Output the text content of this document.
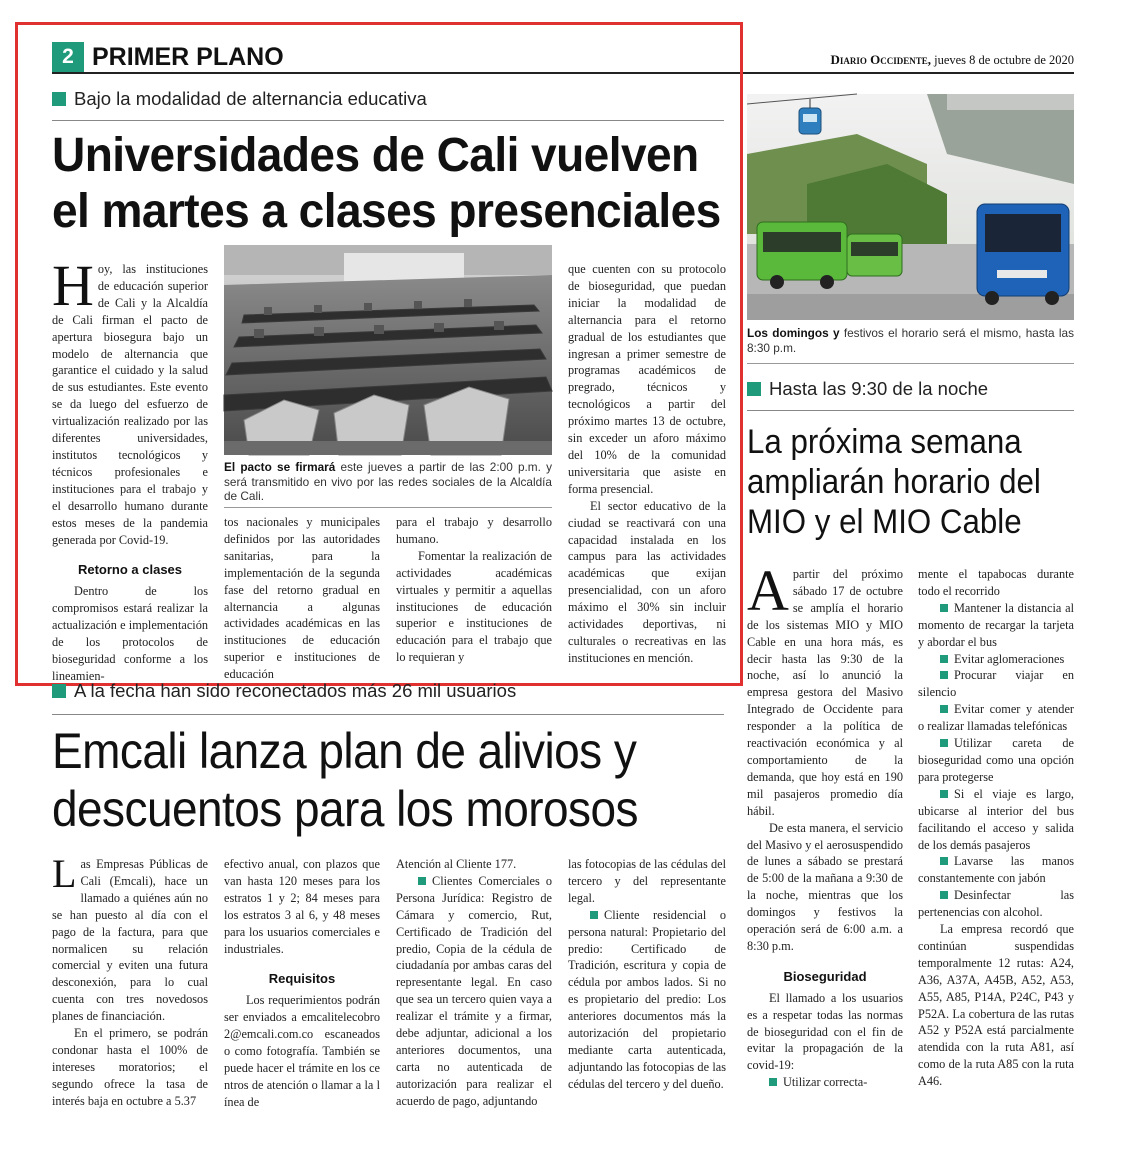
2 PRIMER PLANO	Diario Occidente, jueves 8 de octubre de 2020
Bajo la modalidad de alternancia educativa
Universidades de Cali vuelven
el martes a clases presenciales
El pacto se firmará este jueves a partir de las 2:00 p.m. y será transmitido en vivo por las redes sociales de la Alcaldía de Cali.
H oy, las instituciones de educación superior de Cali y la Alcaldía de Cali firman el pacto de apertura biosegura bajo un modelo de alternancia que garantice el cuidado y la salud de sus estudiantes. Este evento se da luego del esfuerzo de virtualización realizado por las diferentes universidades, institutos tecnológicos y técnicos profesionales e instituciones para el trabajo y el desarrollo humano durante estos meses de la pandemia generada por Covid-19.
Retorno a clases
Dentro de los compromisos estará realizar la actualización e implementación de los protocolos de bioseguridad conforme a los lineamien-
tos nacionales y municipales definidos por las autoridades sanitarias, para la implementación de la segunda fase del retorno gradual en alternancia a algunas actividades académicas en las instituciones de educación superior e instituciones de educación
para el trabajo y desarrollo humano.
Fomentar la realización de actividades académicas virtuales y permitir a aquellas instituciones de educación superior e instituciones de educación para el trabajo que lo requieran y
que cuenten con su protocolo de bioseguridad, que puedan iniciar la modalidad de alternancia para el retorno gradual de los estudiantes que ingresan a primer semestre de programas académicos de pregrado, técnicos y tecnológicos a partir del próximo martes 13 de octubre, sin exceder un aforo máximo del 10% de la comunidad universitaria que asiste en forma presencial.
El sector educativo de la ciudad se reactivará con una capacidad instalada en los campus para las actividades académicas que exijan presencialidad, con un aforo máximo el 30% sin incluir actividades deportivas, ni culturales o recreativas en las instituciones en mención.
A la fecha han sido reconectados más 26 mil usuarios
Emcali lanza plan de alivios y
descuentos para los morosos
L as Empresas Públicas de Cali (Emcali), hace un llamado a quiénes aún no se han puesto al día con el pago de la factura, para que normalicen su relación comercial y eviten una futura desconexión, para lo cual cuenta con tres novedosos planes de financiación.
En el primero, se podrán condonar hasta el 100% de intereses moratorios; el segundo ofrece la tasa de interés baja en octubre a 5.37
efectivo anual, con plazos que van hasta 120 meses para los estratos 1 y 2; 84 meses para los estratos 3 al 6, y 48 meses para los usuarios comerciales e industriales.
Requisitos
Los requerimientos podrán ser enviados a emcalitelecobro2@emcali.com.co escaneados o como fotografía. También se puede hacer el trámite en los centros de atención o llamar a la línea de
Atención al Cliente 177.
Clientes Comerciales o Persona Jurídica: Registro de Cámara y comercio, Rut, Certificado de Tradición del predio, Copia de la cédula de ciudadanía por ambas caras del representante legal. En caso que sea un tercero quien vaya a realizar el trámite y a firmar, debe adjuntar, adicional a los anteriores documentos, una carta no autenticada de autorización para realizar el acuerdo de pago, adjuntando
las fotocopias de las cédulas del tercero y del representante legal.
Cliente residencial o persona natural: Propietario del predio: Certificado de Tradición, escritura y copia de cédula por ambos lados. Si no es propietario del predio: Los anteriores documentos más la autorización del propietario mediante carta autenticada, adjuntando las fotocopias de las cédulas del tercero y del dueño.
Los domingos y festivos el horario será el mismo, hasta las 8:30 p.m.
Hasta las 9:30 de la noche
La próxima semana
ampliarán horario del
MIO y el MIO Cable
A partir del próximo sábado 17 de octubre se amplía el horario de los sistemas MIO y MIO Cable en una hora más, es decir hasta las 9:30 de la noche, así lo anunció la empresa gestora del Masivo Integrado de Occidente para responder a la política de reactivación económica y al comportamiento de la demanda, que hoy está en 190 mil pasajeros promedio día hábil.
De esta manera, el servicio del Masivo y el aerosuspendido de lunes a sábado se prestará de 5:00 de la mañana a 9:30 de la noche, mientras que los domingos y festivos la operación será de 6:00 a.m. a 8:30 p.m.
Bioseguridad
El llamado a los usuarios es a respetar todas las normas de bioseguridad con el fin de evitar la propagación de la covid-19:
Utilizar correcta-
mente el tapabocas durante todo el recorrido
Mantener la distancia al momento de recargar la tarjeta y abordar el bus
Evitar aglomeraciones
Procurar viajar en silencio
Evitar comer y atender o realizar llamadas telefónicas
Utilizar careta de bioseguridad como una opción para protegerse
Si el viaje es largo, ubicarse al interior del bus facilitando el acceso y salida de los demás pasajeros
Lavarse las manos constantemente con jabón
Desinfectar las pertenencias con alcohol.
La empresa recordó que continúan suspendidas temporalmente 12 rutas: A24, A36, A37A, A45B, A52, A53, A55, A85, P14A, P24C, P43 y P52A. La cobertura de las rutas A52 y P52A está parcialmente atendida con la ruta A81, así como de la ruta A85 con la ruta A46.
